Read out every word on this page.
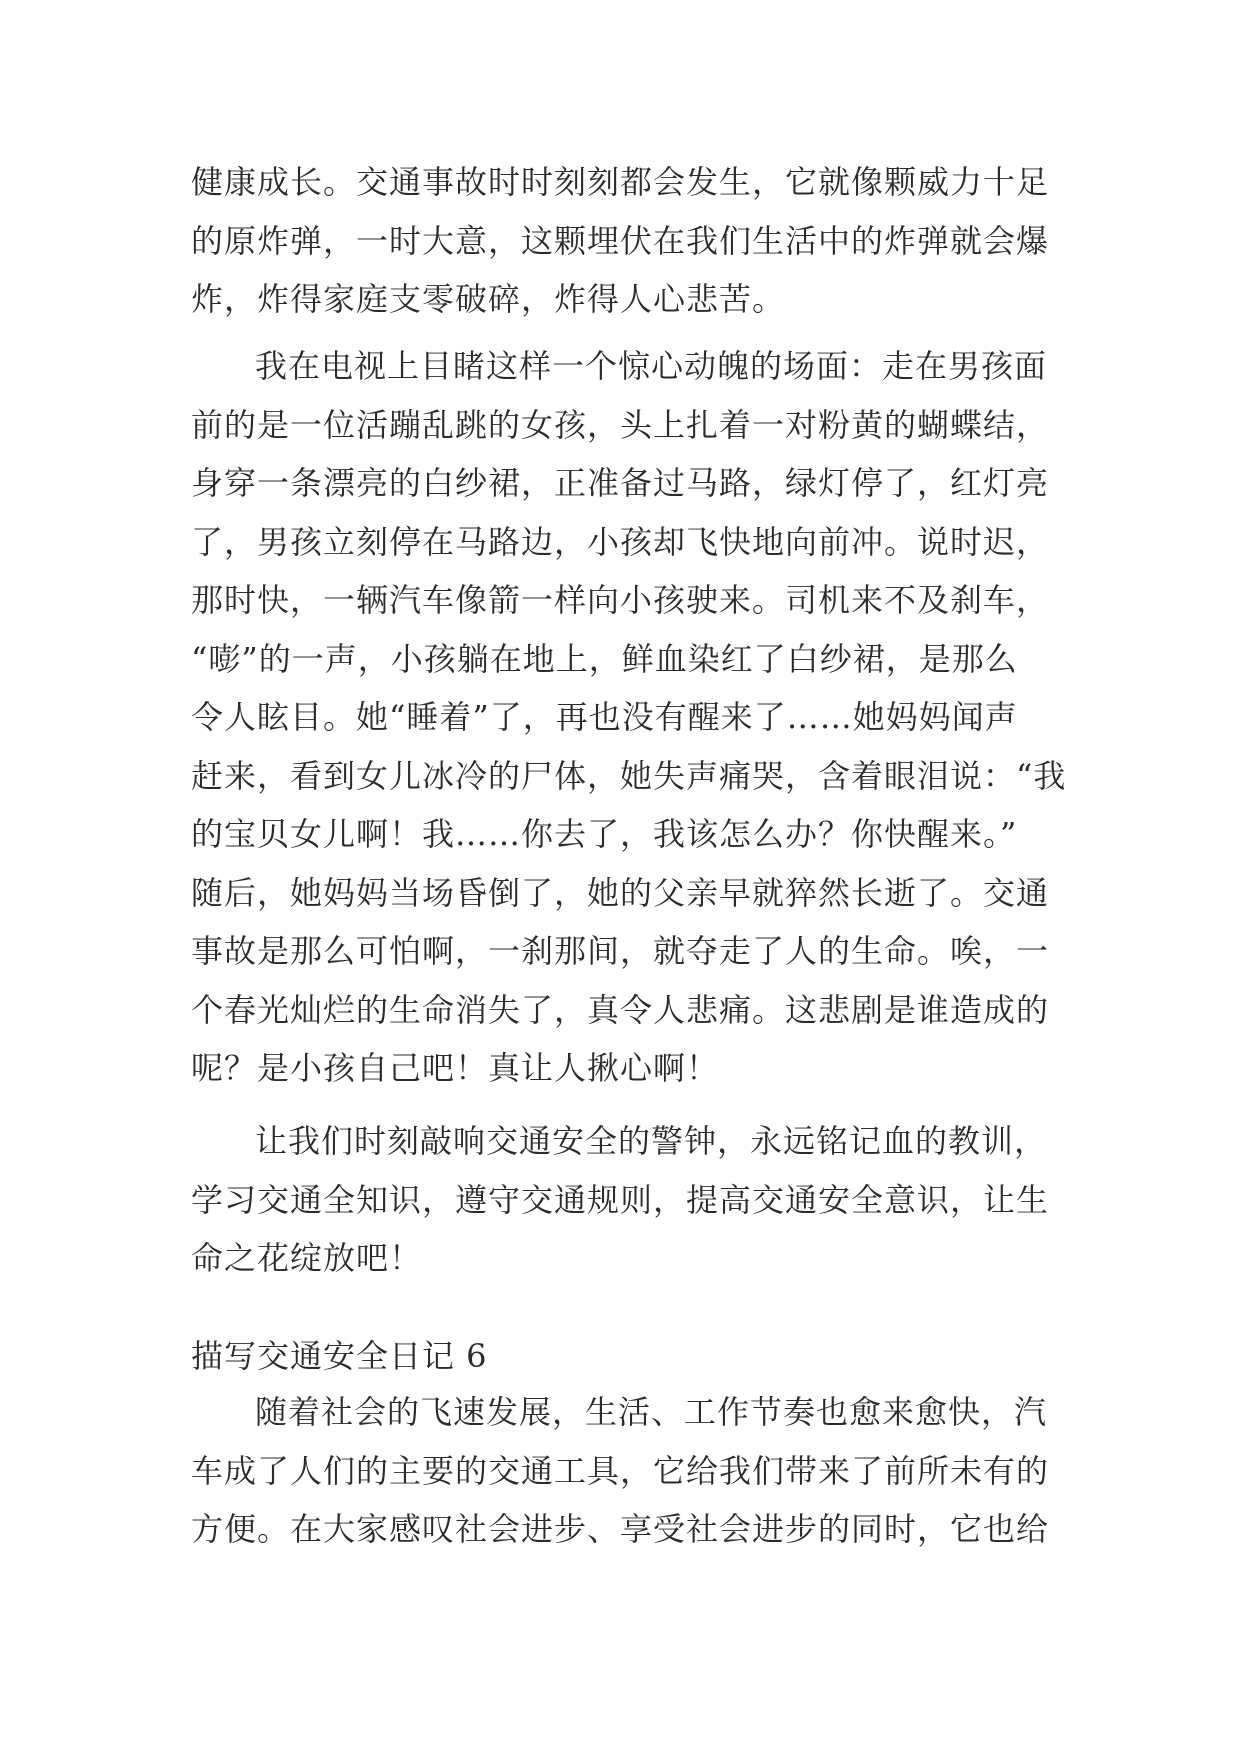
健康成长。交通事故时时刻刻都会发生，它就像颗威力十足
的原炸弹，一时大意，这颗埋伏在我们生活中的炸弹就会爆
炸，炸得家庭支零破碎，炸得人心悲苦。

我在电视上目睹这样一个惊心动魄的场面：走在男孩面
前的是一位活蹦乱跳的女孩，头上扎着一对粉黄的蝴蝶结，
身穿一条漂亮的白纱裙，正准备过马路，绿灯停了，红灯亮
了，男孩立刻停在马路边，小孩却飞快地向前冲。说时迟，
那时快，一辆汽车像箭一样向小孩驶来。司机来不及刹车，
“嘭”的一声，小孩躺在地上，鲜血染红了白纱裙，是那么
令人眩目。她“睡着”了，再也没有醒来了……她妈妈闻声
赶来，看到女儿冰冷的尸体，她失声痛哭，含着眼泪说：“我
的宝贝女儿啊！我……你去了，我该怎么办？你快醒来。”
随后，她妈妈当场昏倒了，她的父亲早就猝然长逝了。交通
事故是那么可怕啊，一刹那间，就夺走了人的生命。唉，一
个春光灿烂的生命消失了，真令人悲痛。这悲剧是谁造成的
呢？是小孩自己吧！真让人揪心啊！

让我们时刻敲响交通安全的警钟，永远铭记血的教训，
学习交通全知识，遵守交通规则，提高交通安全意识，让生
命之花绽放吧！

描写交通安全日记 6

随着社会的飞速发展，生活、工作节奏也愈来愈快，汽
车成了人们的主要的交通工具，它给我们带来了前所未有的
方便。在大家感叹社会进步、享受社会进步的同时，它也给
